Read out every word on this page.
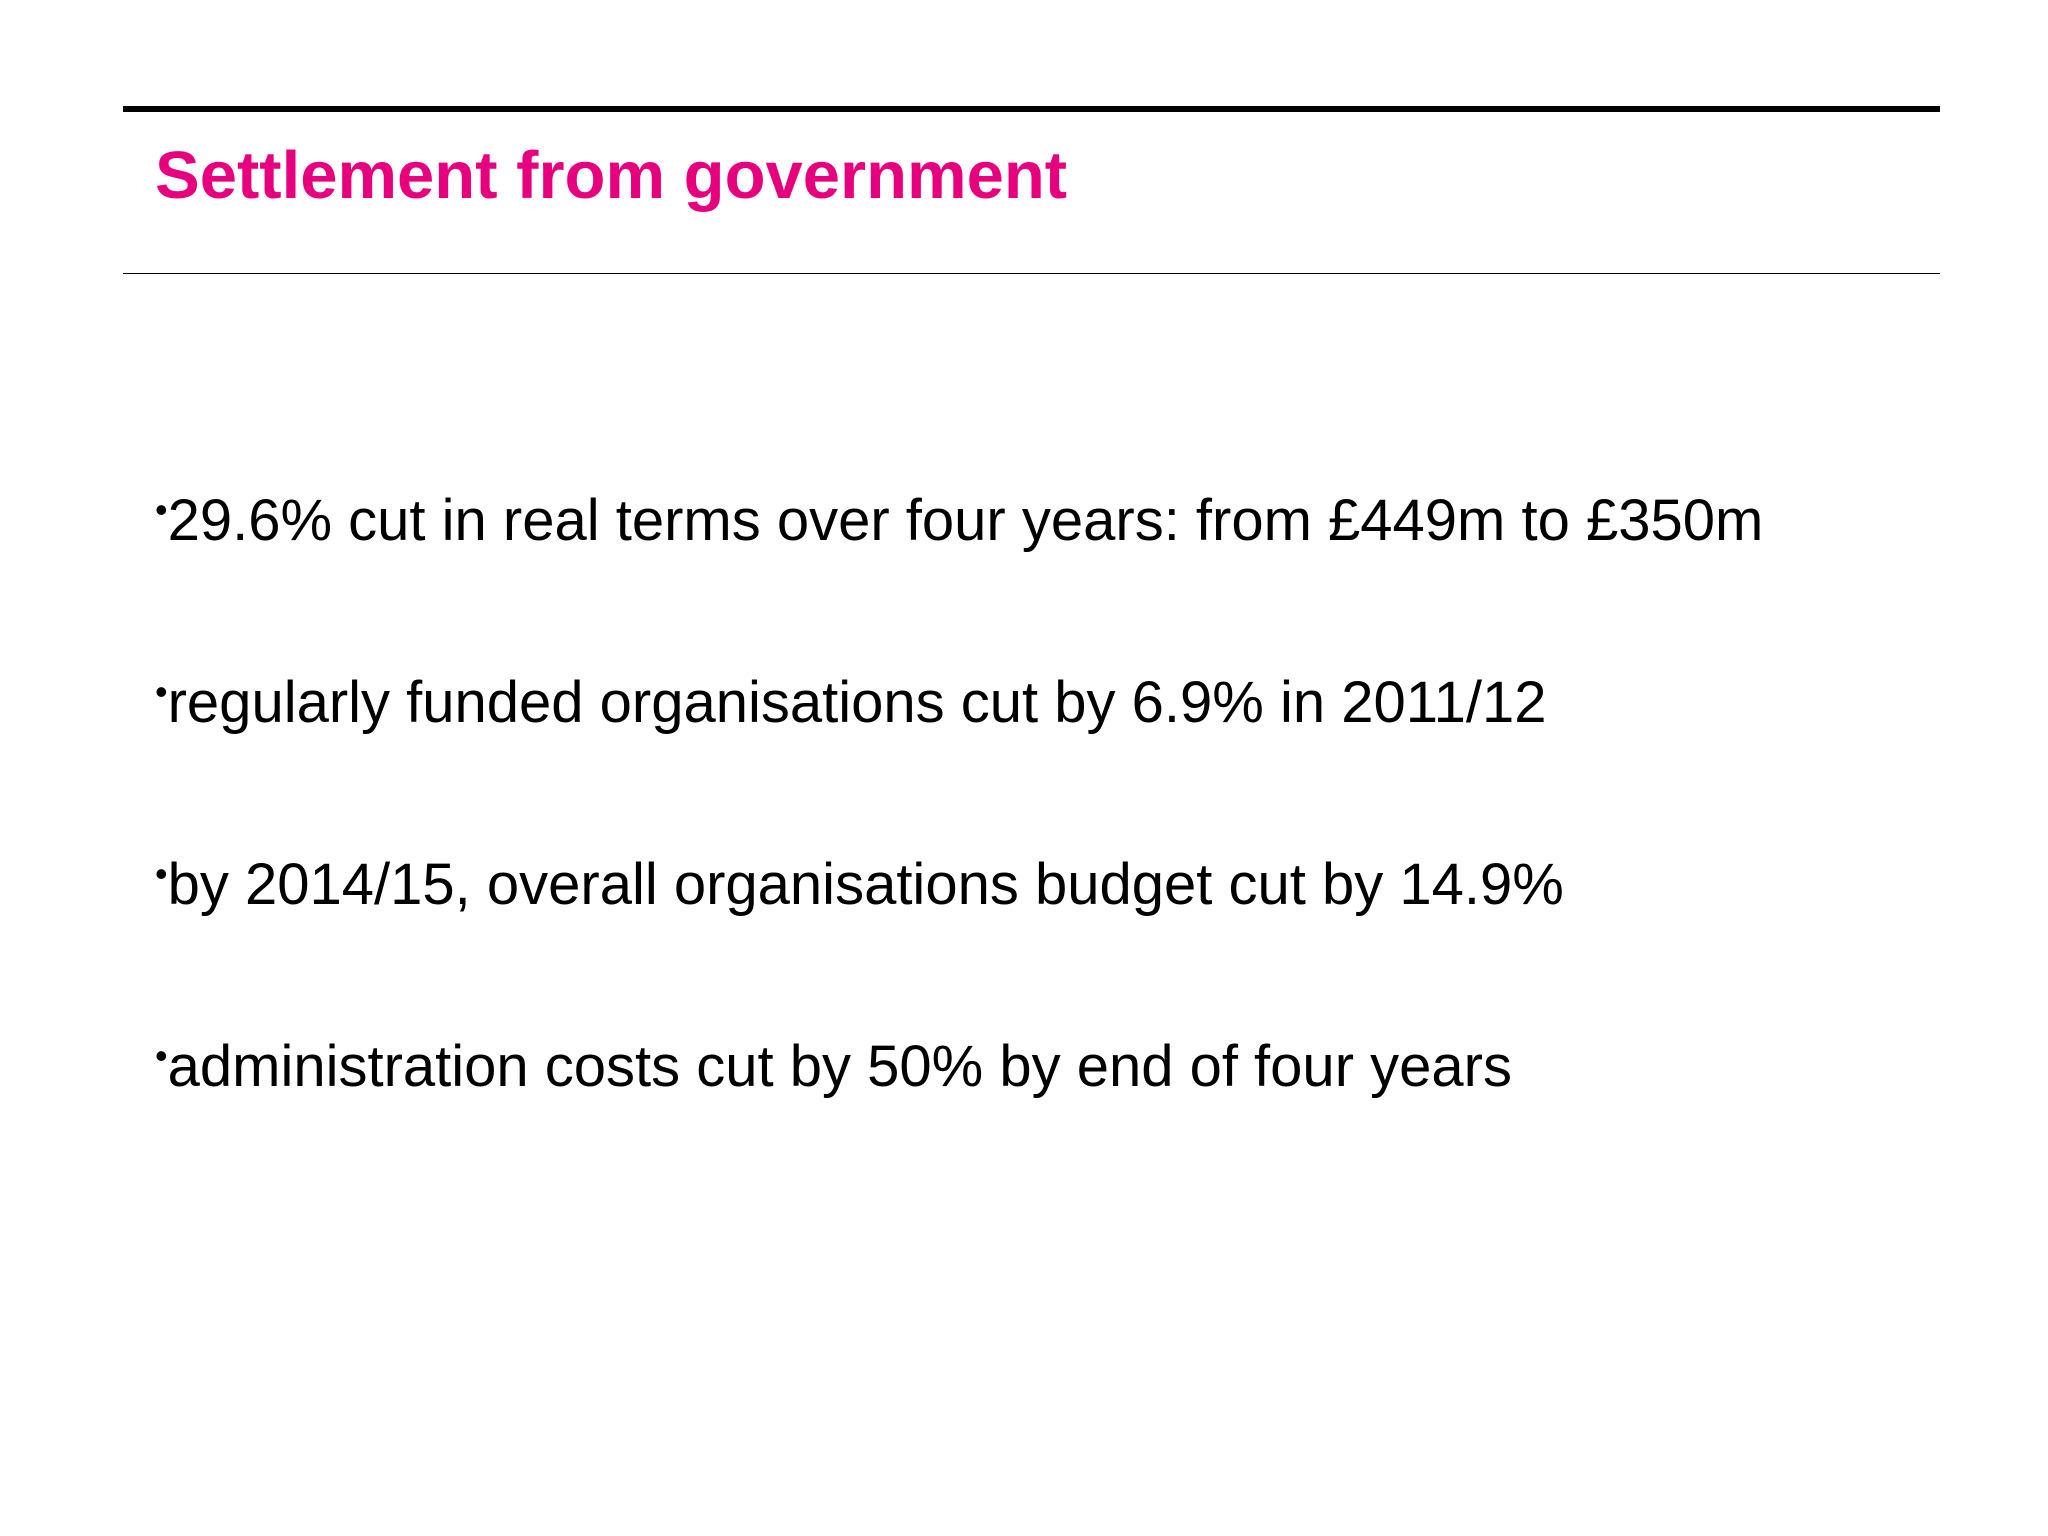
Settlement from government
•29.6% cut in real terms over four years: from £449m to £350m
•regularly funded organisations cut by 6.9% in 2011/12
•by 2014/15, overall organisations budget cut by 14.9%
•administration costs cut by 50% by end of four years
